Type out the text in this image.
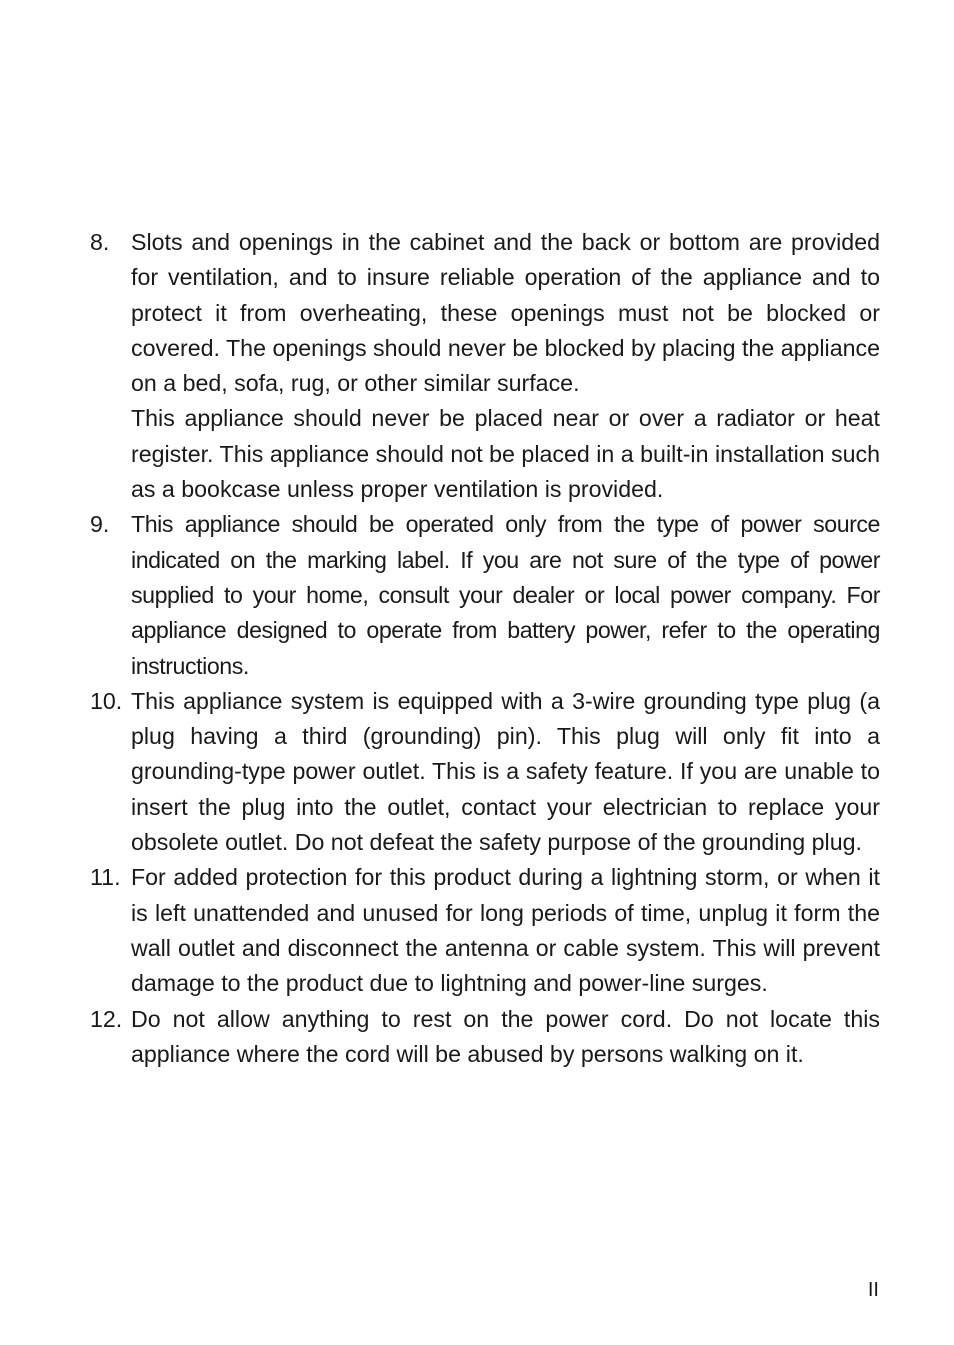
8. Slots and openings in the cabinet and the back or bottom are provided for ventilation, and to insure reliable operation of the appliance and to protect it from overheating, these openings must not be blocked or covered. The openings should never be blocked by placing the appliance on a bed, sofa, rug, or other similar surface.

This appliance should never be placed near or over a radiator or heat register. This appliance should not be placed in a built-in installation such as a bookcase unless proper ventilation is provided.

9. This appliance should be operated only from the type of power source indicated on the marking label. If you are not sure of the type of power supplied to your home, consult your dealer or local power company. For appliance designed to operate from battery power, refer to the operating instructions.

10. This appliance system is equipped with a 3-wire grounding type plug (a plug having a third (grounding) pin). This plug will only fit into a grounding-type power outlet. This is a safety feature. If you are unable to insert the plug into the outlet, contact your electrician to replace your obsolete outlet. Do not defeat the safety purpose of the grounding plug.

11. For added protection for this product during a lightning storm, or when it is left unattended and unused for long periods of time, unplug it form the wall outlet and disconnect the antenna or cable system. This will prevent damage to the product due to lightning and power-line surges.

12. Do not allow anything to rest on the power cord. Do not locate this appliance where the cord will be abused by persons walking on it.

II
